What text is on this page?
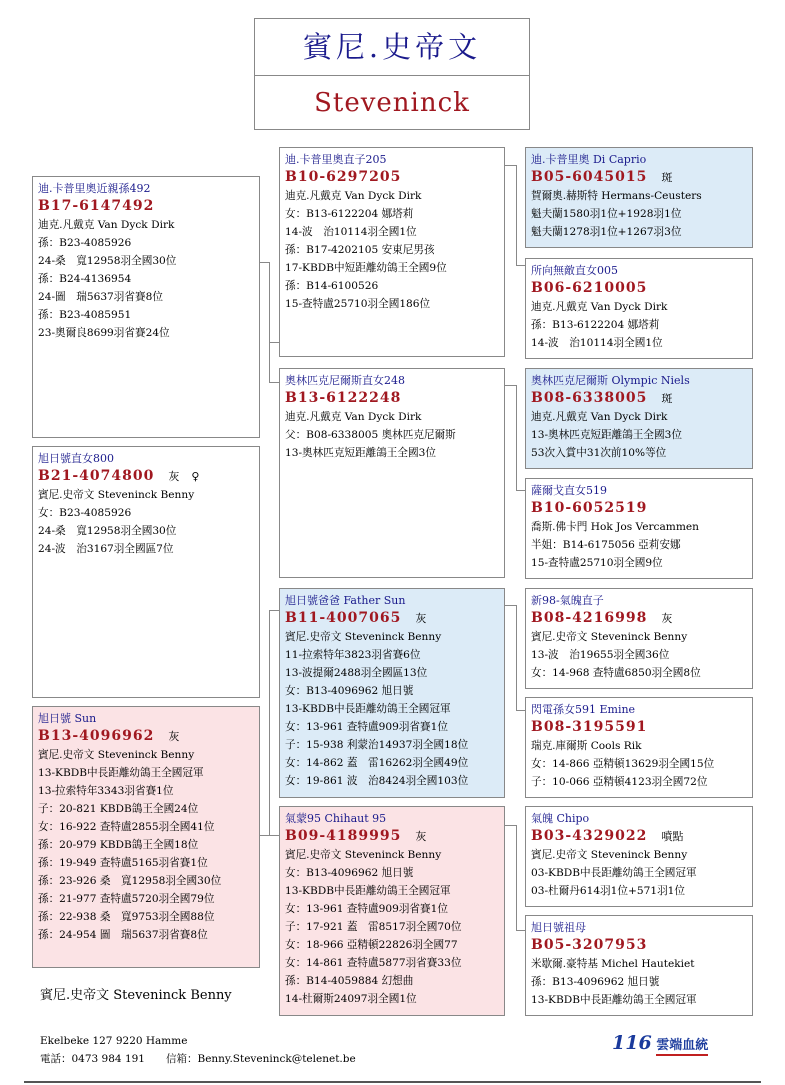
賓尼.史帝文
Steveninck
迪.卡普里奧近親孫492
B17-6147492
迪克.凡戴克 Van Dyck Dirk
孫：B23-4085926
24-桑　寬12958羽全國30位
孫：B24-4136954
24-圖　瑞5637羽省賽8位
孫：B23-4085951
23-奧爾良8699羽省賽24位
旭日號直女800
B21-4074800 灰 ♀
賓尼.史帝文 Steveninck Benny
女：B23-4085926
24-桑　寬12958羽全國30位
24-波　治3167羽全國區7位
旭日號 Sun
B13-4096962 灰
賓尼.史帝文 Steveninck Benny
13-KBDB中長距離幼鴿王全國冠軍
13-拉索特年3343羽省賽1位
子：20-821 KBDB鴿王全國24位
女：16-922 查特盧2855羽全國41位
孫：20-979 KBDB鴿王全國18位
孫：19-949 查特盧5165羽省賽1位
孫：23-926 桑　寬12958羽全國30位
孫：21-977 查特盧5720羽全國79位
孫：22-938 桑　寬9753羽全國88位
孫：24-954 圖　瑞5637羽省賽8位
迪.卡普里奧直子205
B10-6297205
迪克.凡戴克 Van Dyck Dirk
女：B13-6122204 娜塔莉
14-波　治10114羽全國1位
孫：B17-4202105 安東尼男孩
17-KBDB中短距離幼鴿王全國9位
孫：B14-6100526
15-查特盧25710羽全國186位
奧林匹克尼爾斯直女248
B13-6122248
迪克.凡戴克 Van Dyck Dirk
父：B08-6338005 奧林匹克尼爾斯
13-奧林匹克短距離鴿王全國3位
旭日號爸爸 Father Sun
B11-4007065 灰
賓尼.史帝文 Steveninck Benny
11-拉索特年3823羽省賽6位
13-波提爾2488羽全國區13位
女：B13-4096962 旭日號
13-KBDB中長距離幼鴿王全國冠軍
女：13-961 查特盧909羽省賽1位
子：15-938 利蒙治14937羽全國18位
女：14-862 蓋　雷16262羽全國49位
女：19-861 波　治8424羽全國103位
氣蒙95 Chihaut 95
B09-4189995 灰
賓尼.史帝文 Steveninck Benny
女：B13-4096962 旭日號
13-KBDB中長距離幼鴿王全國冠軍
女：13-961 查特盧909羽省賽1位
子：17-921 蓋　雷8517羽全國70位
女：18-966 亞精頓22826羽全國77
女：14-861 查特盧5877羽省賽33位
孫：B14-4059884 幻想曲
14-杜爾斯24097羽全國1位
迪.卡普里奧 Di Caprio
B05-6045015 斑
賀爾奧.赫斯特 Hermans-Ceusters
魁夫蘭1580羽1位+1928羽1位
魁夫蘭1278羽1位+1267羽3位
所向無敵直女005
B06-6210005
迪克.凡戴克 Van Dyck Dirk
孫：B13-6122204 娜塔莉
14-波　治10114羽全國1位
奧林匹克尼爾斯 Olympic Niels
B08-6338005 斑
迪克.凡戴克 Van Dyck Dirk
13-奧林匹克短距離鴿王全國3位
53次入賞中31次前10%等位
薩爾戈直女519
B10-6052519
喬斯.佛卡門 Hok Jos Vercammen
半姐：B14-6175056 亞莉安娜
15-查特盧25710羽全國9位
新98-氣魄直子
B08-4216998 灰
賓尼.史帝文 Steveninck Benny
13-波　治19655羽全國36位
女：14-968 查特盧6850羽全國8位
閃電孫女591 Emine
B08-3195591
瑞克.庫爾斯 Cools Rik
女：14-866 亞精頓13629羽全國15位
子：10-066 亞精頓4123羽全國72位
氣魄 Chipo
B03-4329022 噴點
賓尼.史帝文 Steveninck Benny
03-KBDB中長距離幼鴿王全國冠軍
03-杜爾丹614羽1位+571羽1位
旭日號祖母
B05-3207953
米歇爾.豪特基 Michel Hautekiet
孫：B13-4096962 旭日號
13-KBDB中長距離幼鴿王全國冠軍
賓尼.史帝文 Steveninck Benny
Ekelbeke 127 9220 Hamme
電話：0473 984 191　　信箱：Benny.Steveninck@telenet.be
116 雲端血統
